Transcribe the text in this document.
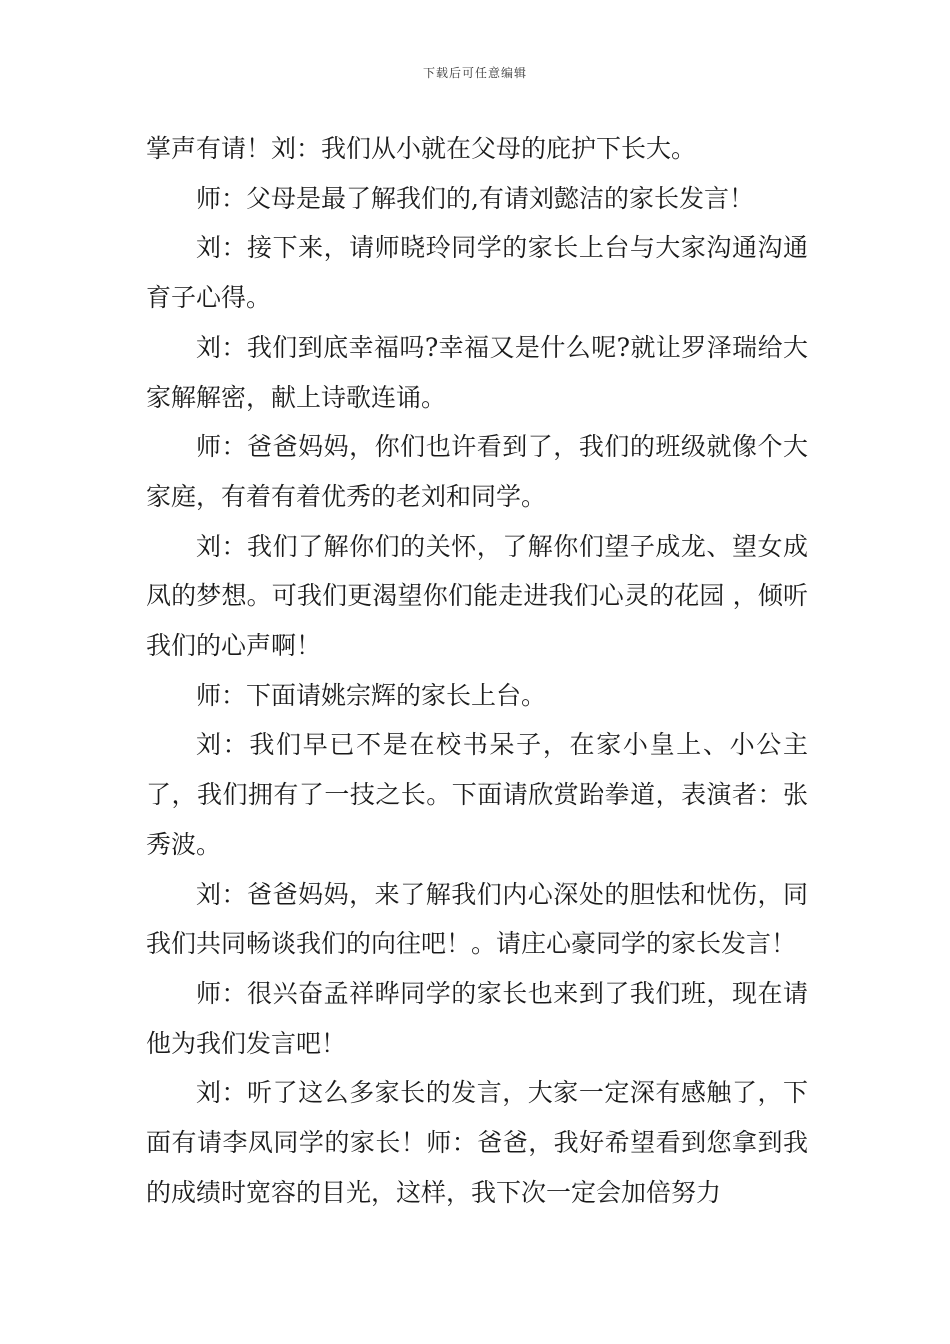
下载后可任意编辑

掌声有请！刘：我们从小就在父母的庇护下长大。

师：父母是最了解我们的,有请刘懿洁的家长发言！

刘：接下来，请师晓玲同学的家长上台与大家沟通沟通育子心得。

刘：我们到底幸福吗?幸福又是什么呢?就让罗泽瑞给大家解解密，献上诗歌连诵。

师：爸爸妈妈，你们也许看到了，我们的班级就像个大家庭，有着有着优秀的老刘和同学。

刘：我们了解你们的关怀，了解你们望子成龙、望女成凤的梦想。可我们更渴望你们能走进我们心灵的花园 ，倾听我们的心声啊！

师：下面请姚宗辉的家长上台。

刘：我们早已不是在校书呆子，在家小皇上、小公主了，我们拥有了一技之长。下面请欣赏跆拳道，表演者：张秀波。

刘：爸爸妈妈，来了解我们内心深处的胆怯和忧伤，同我们共同畅谈我们的向往吧！。请庄心豪同学的家长发言！

师：很兴奋孟祥晔同学的家长也来到了我们班，现在请他为我们发言吧！

刘：听了这么多家长的发言，大家一定深有感触了，下面有请李凤同学的家长！师：爸爸，我好希望看到您拿到我的成绩时宽容的目光，这样，我下次一定会加倍努力
